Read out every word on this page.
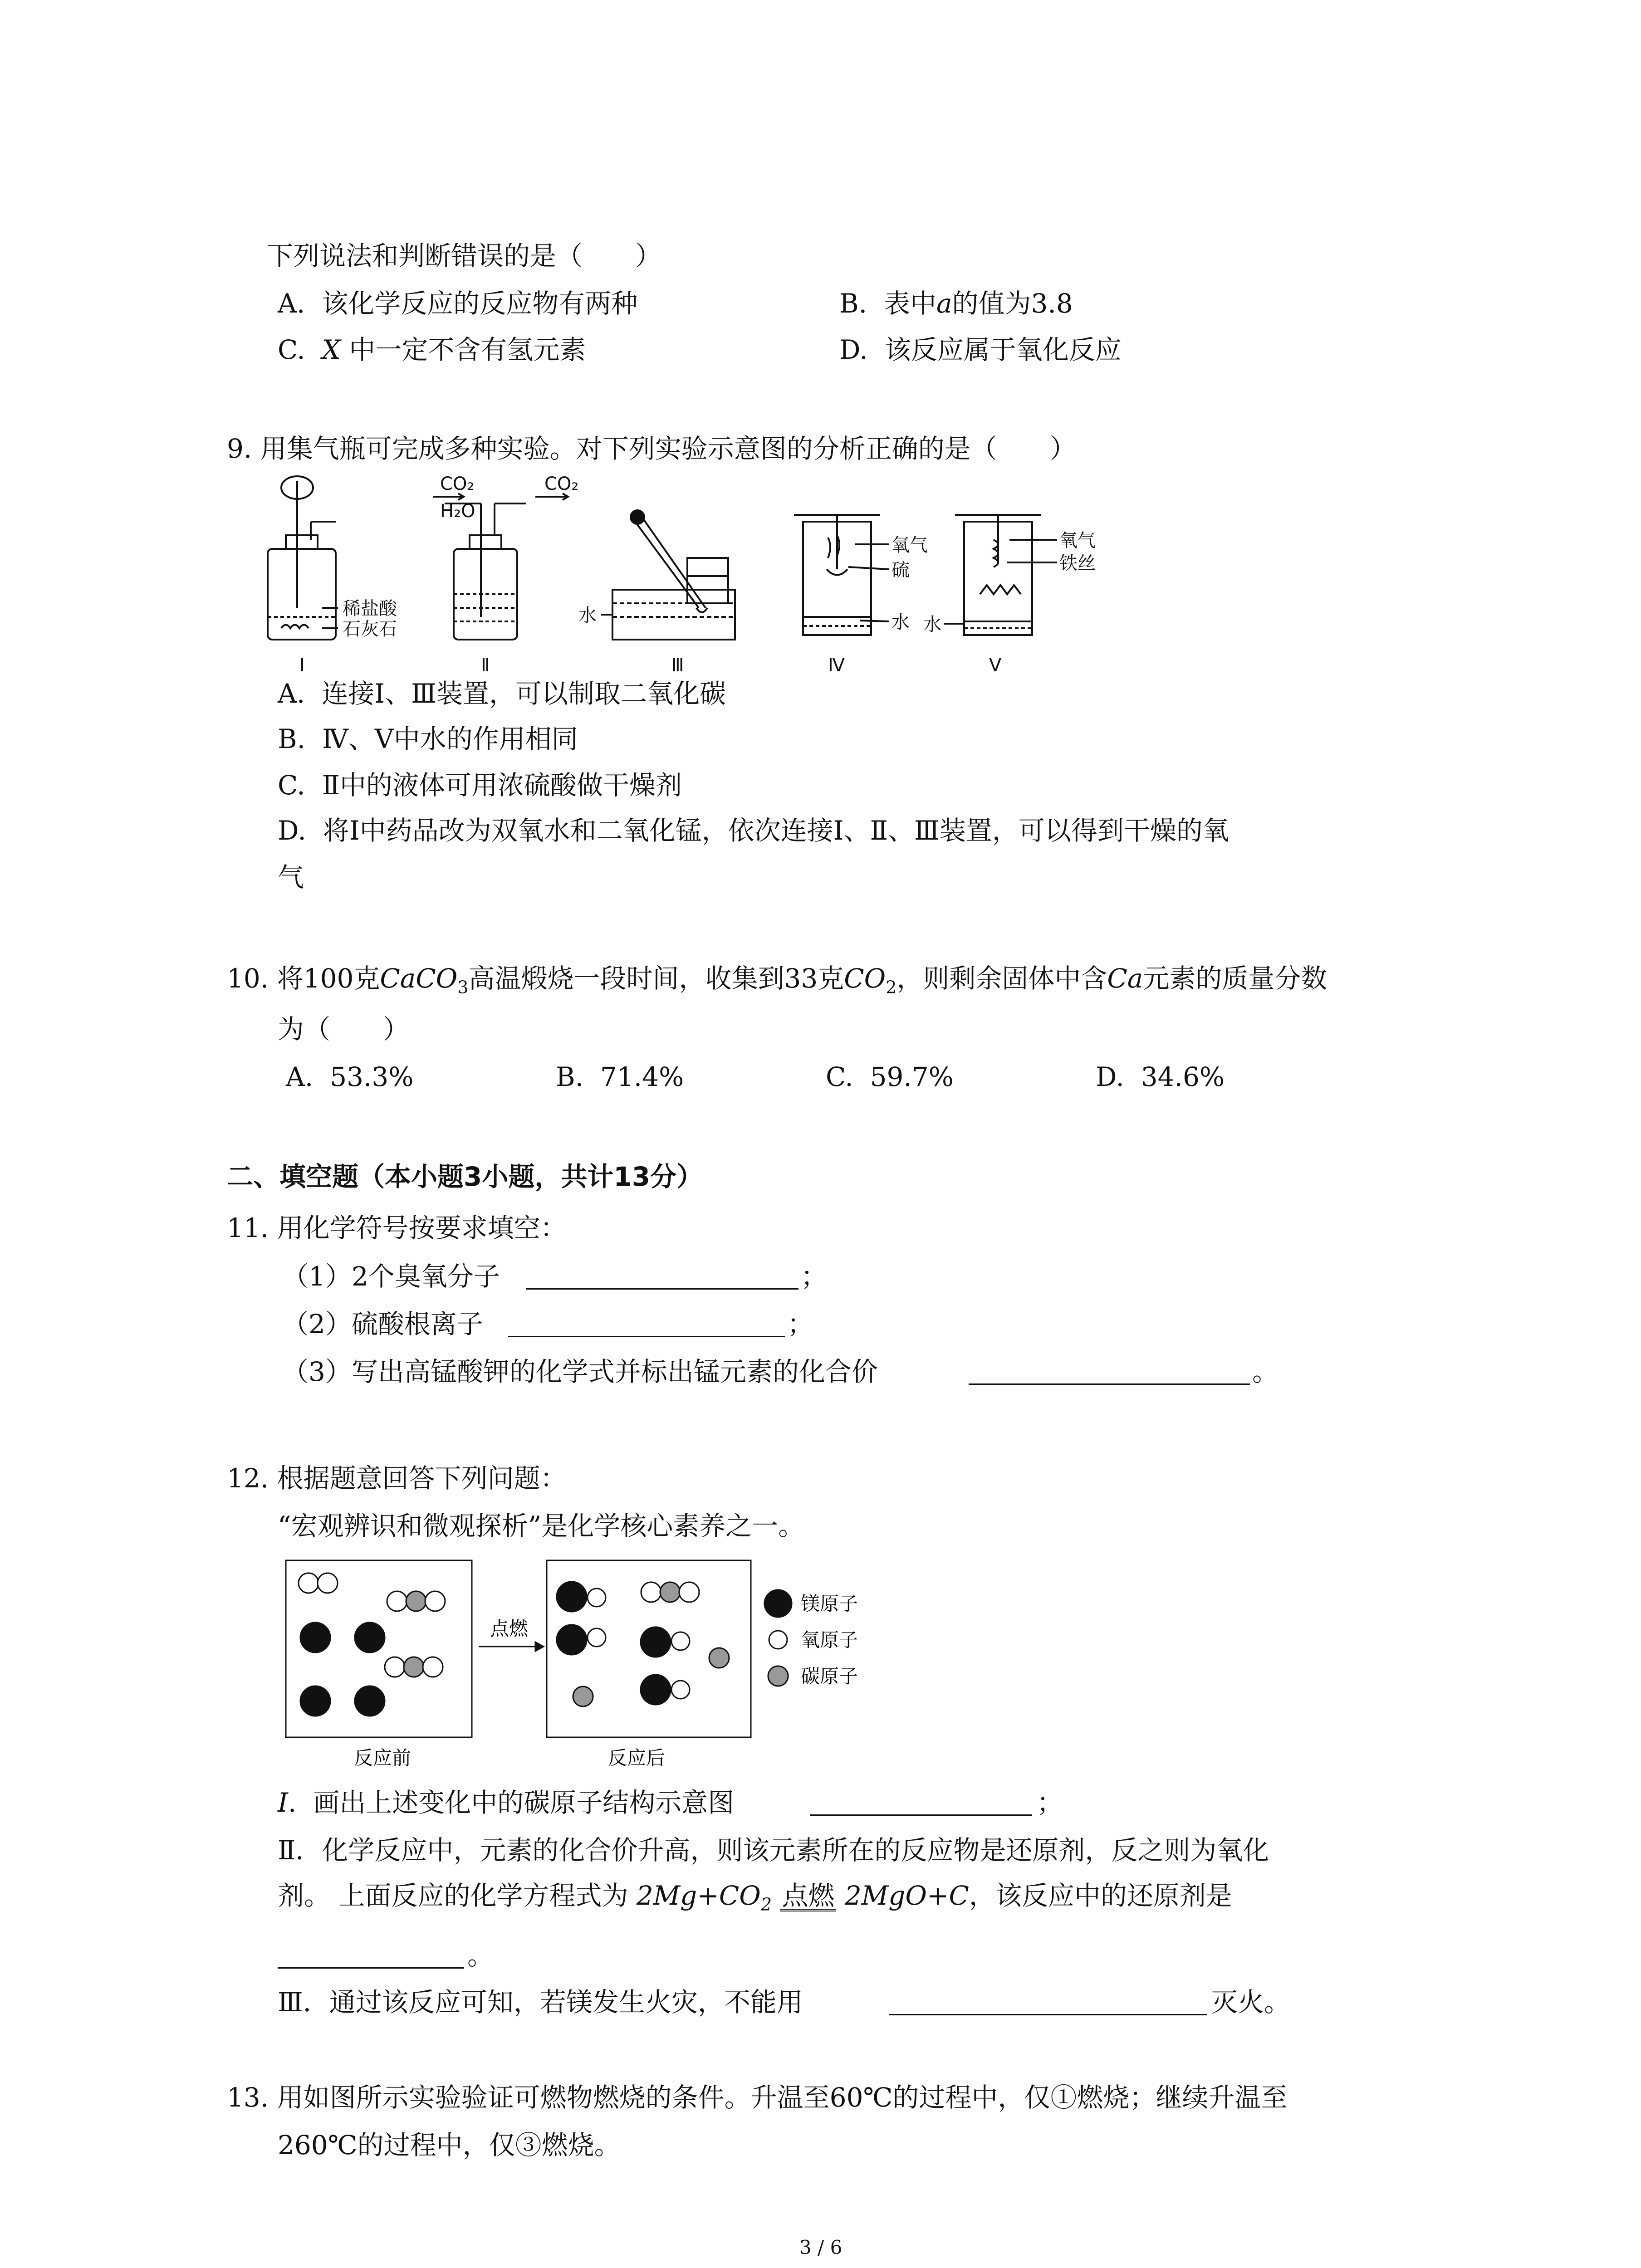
下列说法和判断错误的是（　　）
A.  该化学反应的反应物有两种	B.  表中a的值为3.8
C.  X 中一定不含有氢元素	D.  该反应属于氧化反应
9. 用集气瓶可完成多种实验。对下列实验示意图的分析正确的是（　　）
CO₂
H₂O
CO₂
稀盐酸
石灰石
水
氧气
硫
水 水
氧气
铁丝
Ⅰ	Ⅱ	Ⅲ	Ⅳ	Ⅴ
A.  连接Ⅰ、Ⅲ装置，可以制取二氧化碳
B.  Ⅳ、Ⅴ中水的作用相同
C.  Ⅱ中的液体可用浓硫酸做干燥剂
D.  将Ⅰ中药品改为双氧水和二氧化锰，依次连接Ⅰ、Ⅱ、Ⅲ装置，可以得到干燥的氧
气
10. 将100克CaCO$_3$高温煅烧一段时间，收集到33克$CO_2$，则剩余固体中含Ca元素的质量分数
为（　　）
A.  53.3%	B.  71.4%	C.  59.7%	D.  34.6%
二、填空题（本小题3小题，共计13分）
11. 用化学符号按要求填空：
（1）2个臭氧分子	；
（2）硫酸根离子	；
（3）写出高锰酸钾的化学式并标出锰元素的化合价	。
12. 根据题意回答下列问题：
“宏观辨识和微观探析”是化学核心素养之一。
点燃
镁原子
氧原子
碳原子
反应前	反应后
I.  画出上述变化中的碳原子结构示意图	；
Ⅱ．化学反应中，元素的化合价升高，则该元素所在的反应物是还原剂，反之则为氧化
剂。 上面反应的化学方程式为 $2Mg+CO_2$ 点燃 2MgO+C，该反应中的还原剂是
。
Ⅲ．通过该反应可知，若镁发生火灾，不能用	灭火。
13. 用如图所示实验验证可燃物燃烧的条件。升温至60℃的过程中，仅①燃烧；继续升温至
260℃的过程中，仅③燃烧。
3 / 6
